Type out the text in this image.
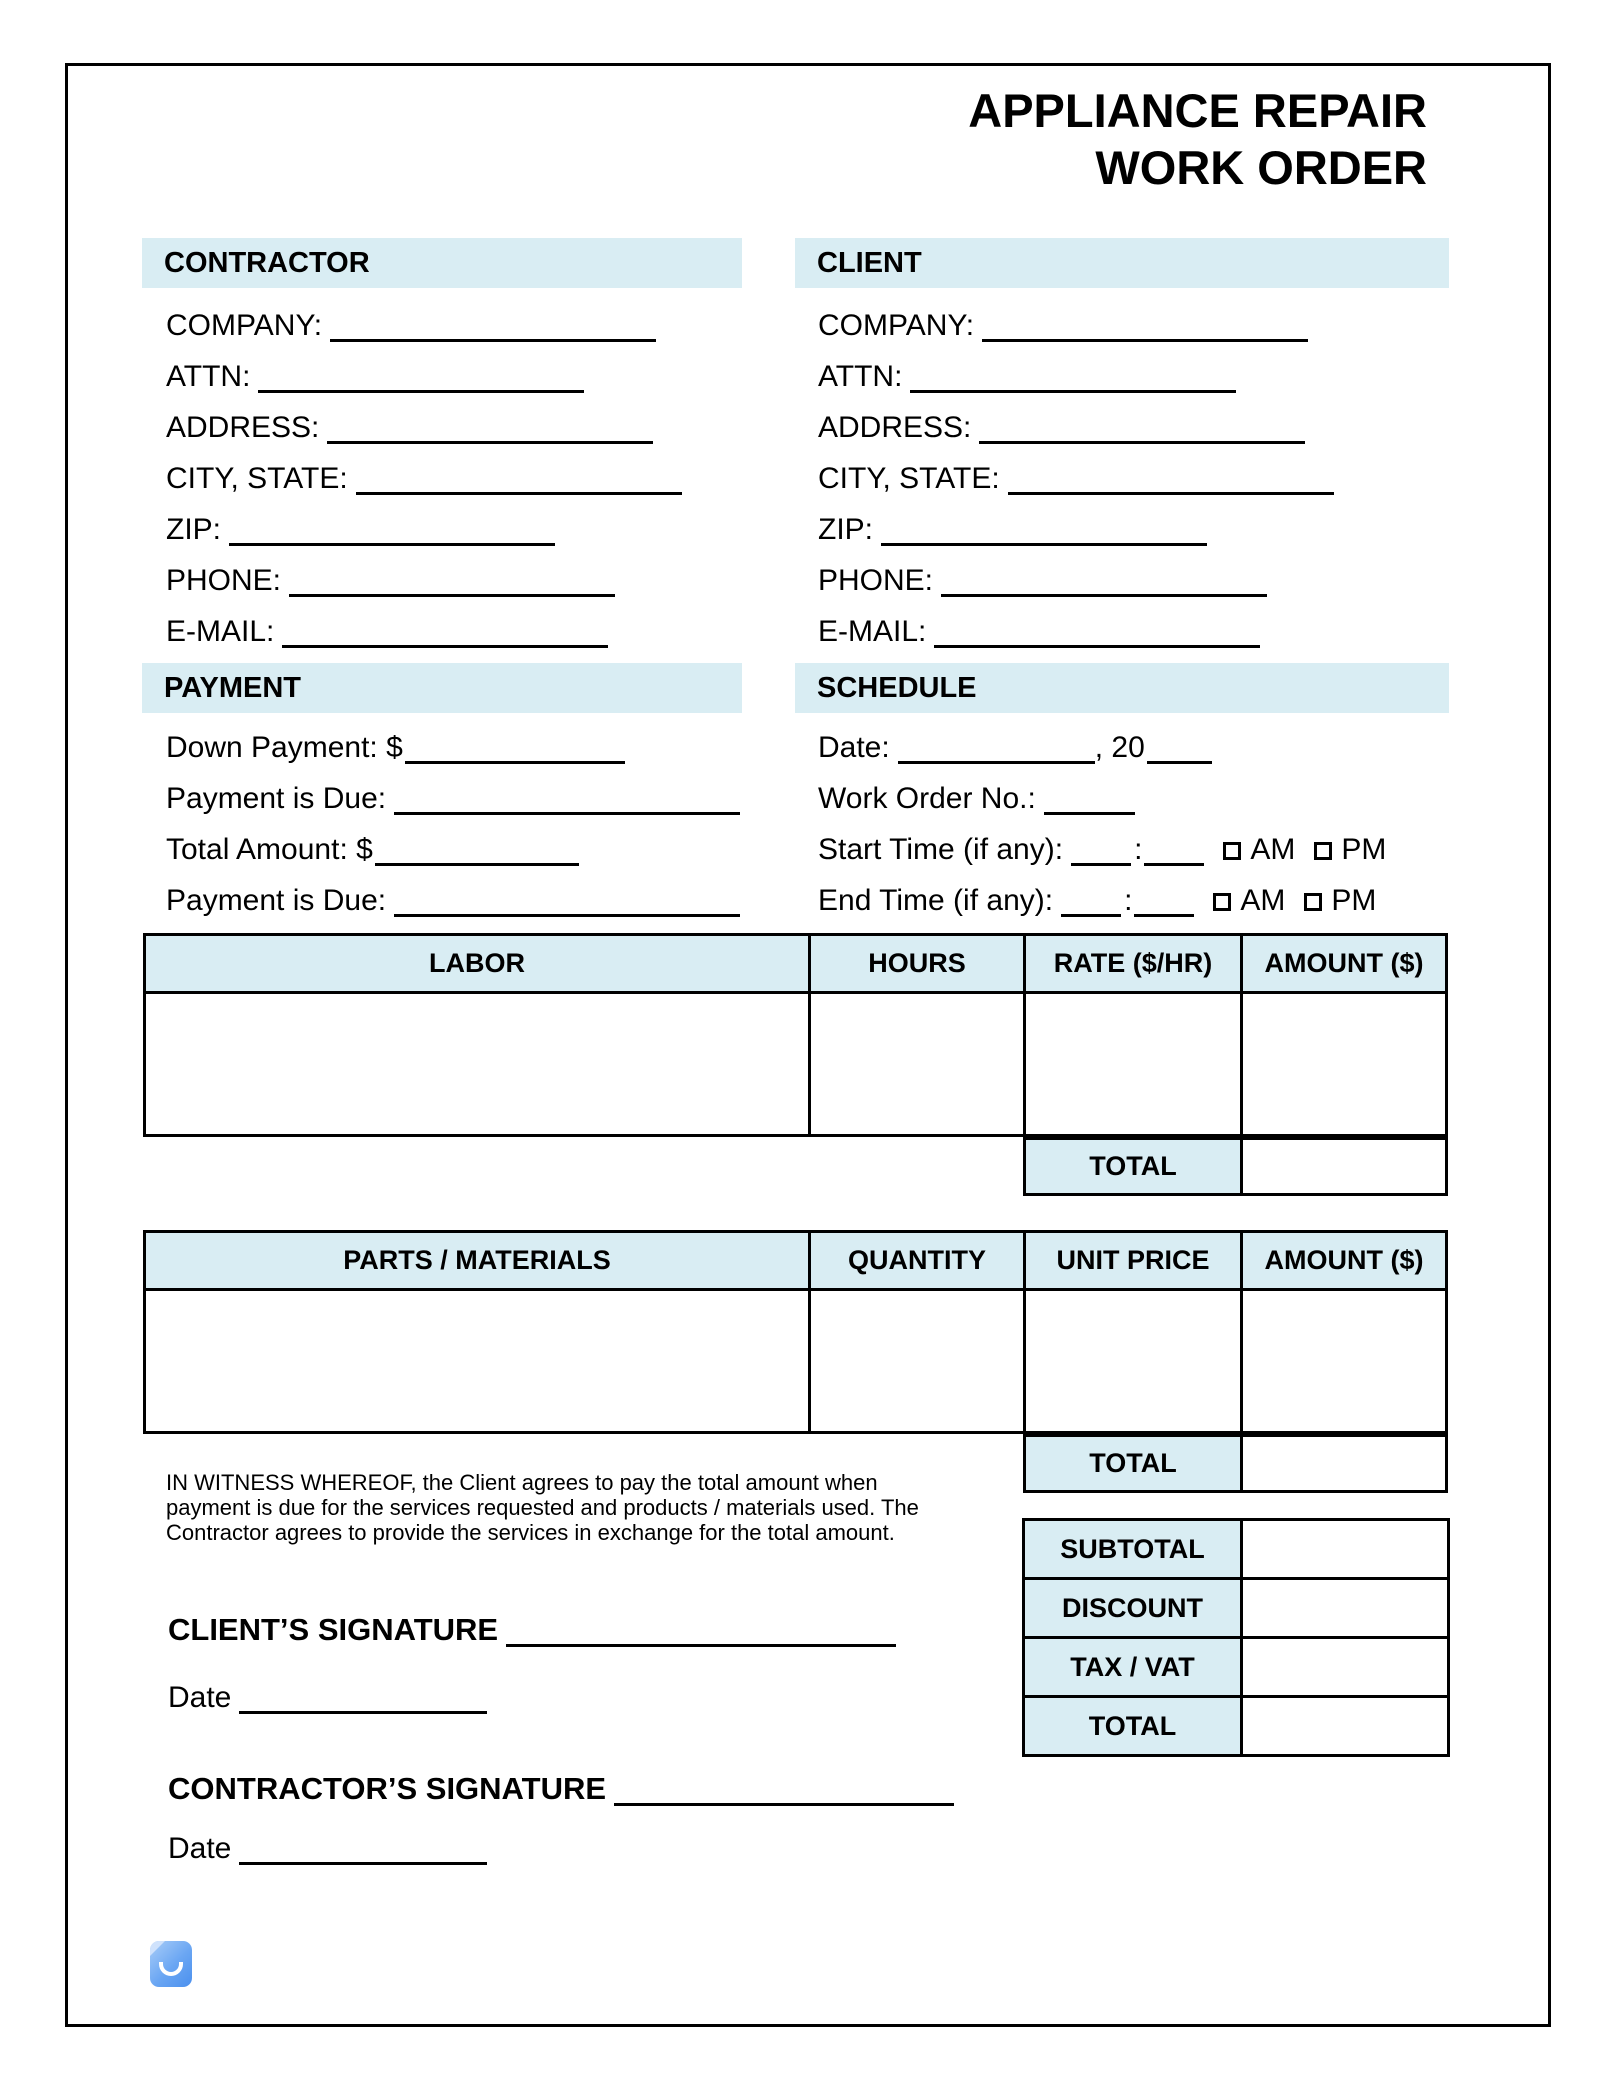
APPLIANCE REPAIR
WORK ORDER
CONTRACTOR	CLIENT
COMPANY:
ATTN:
ADDRESS:
CITY, STATE:
ZIP:
PHONE:
E-MAIL:
COMPANY:
ATTN:
ADDRESS:
CITY, STATE:
ZIP:
PHONE:
E-MAIL:
PAYMENT	SCHEDULE
Down Payment: $
Payment is Due:
Total Amount: $
Payment is Due:
Date:	, 20
Work Order No.:
Start Time (if any): :	AM PM
End Time (if any): :	AM PM
LABOR	HOURS	RATE ($/HR)	AMOUNT ($)

TOTAL	
PARTS / MATERIALS	QUANTITY	UNIT PRICE	AMOUNT ($)

TOTAL	
IN WITNESS WHEREOF, the Client agrees to pay the total amount when payment is due for the services requested and products / materials used. The Contractor agrees to provide the services in exchange for the total amount.
SUBTOTAL	
DISCOUNT	
TAX / VAT	
TOTAL	
CLIENT’S SIGNATURE
Date
CONTRACTOR’S SIGNATURE
Date
